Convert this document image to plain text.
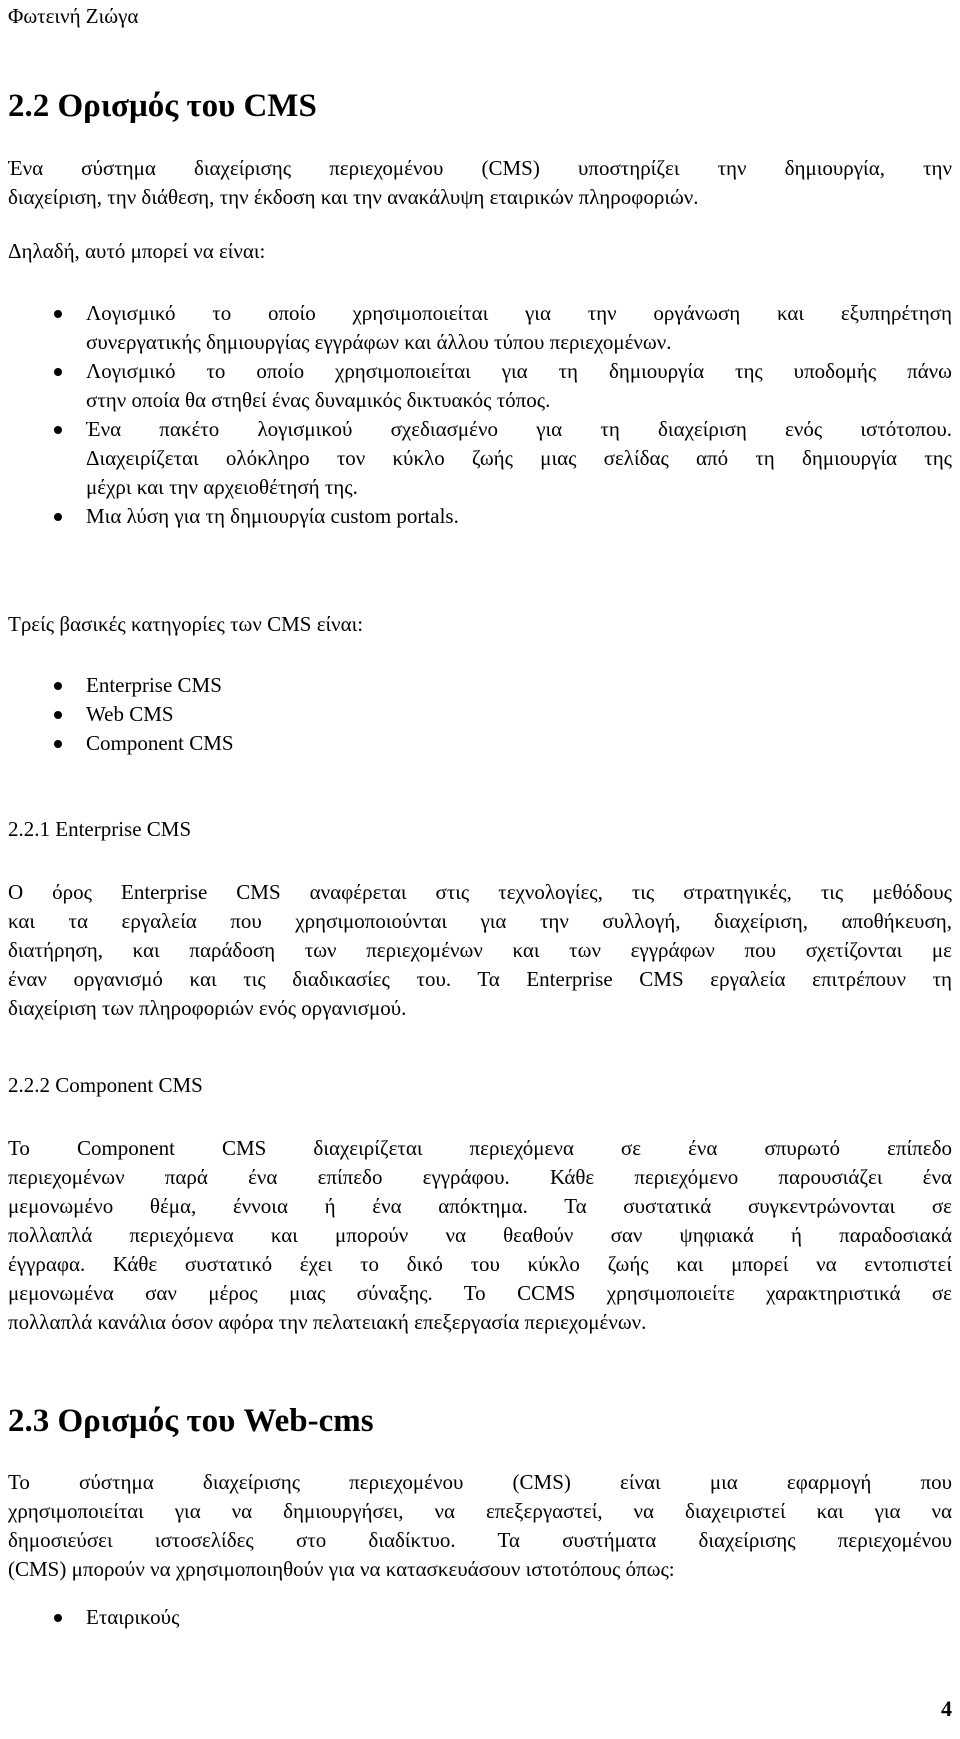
Φωτεινή Ζιώγα
2.2 Ορισμός του CMS
Ένα σύστημα διαχείρισης περιεχομένου (CMS) υποστηρίζει την δημιουργία, την
διαχείριση, την διάθεση, την έκδοση και την ανακάλυψη εταιρικών πληροφοριών.
Δηλαδή, αυτό μπορεί να είναι:
Λογισμικό το οποίο χρησιμοποιείται για την οργάνωση και εξυπηρέτηση
συνεργατικής δημιουργίας εγγράφων και άλλου τύπου περιεχομένων.
Λογισμικό το οποίο χρησιμοποιείται για τη δημιουργία της υποδομής πάνω
στην οποία θα στηθεί ένας δυναμικός δικτυακός τόπος.
Ένα πακέτο λογισμικού σχεδιασμένο για τη διαχείριση ενός ιστότοπου.
Διαχειρίζεται ολόκληρο τον κύκλο ζωής μιας σελίδας από τη δημιουργία της
μέχρι και την αρχειοθέτησή της.
Μια λύση για τη δημιουργία custom portals.
Τρείς βασικές κατηγορίες των CMS είναι:
Enterprise CMS
Web CMS
Component CMS
2.2.1 Enterprise CMS
Ο όρος Enterprise CMS αναφέρεται στις τεχνολογίες, τις στρατηγικές, τις μεθόδους
και τα εργαλεία που χρησιμοποιούνται για την συλλογή, διαχείριση, αποθήκευση,
διατήρηση, και παράδοση των περιεχομένων και των εγγράφων που σχετίζονται με
έναν οργανισμό και τις διαδικασίες του. Τα Enterprise CMS εργαλεία επιτρέπουν τη
διαχείριση των πληροφοριών ενός οργανισμού.
2.2.2 Component CMS
Το Component CMS διαχειρίζεται περιεχόμενα σε ένα σπυρωτό επίπεδο
περιεχομένων παρά ένα επίπεδο εγγράφου. Κάθε περιεχόμενο παρουσιάζει ένα
μεμονωμένο θέμα, έννοια ή ένα απόκτημα. Τα συστατικά συγκεντρώνονται σε
πολλαπλά περιεχόμενα και μπορούν να θεαθούν σαν ψηφιακά ή παραδοσιακά
έγγραφα. Κάθε συστατικό έχει το δικό του κύκλο ζωής και μπορεί να εντοπιστεί
μεμονωμένα σαν μέρος μιας σύναξης. Το CCMS χρησιμοποιείτε χαρακτηριστικά σε
πολλαπλά κανάλια όσον αφόρα την πελατειακή επεξεργασία περιεχομένων.
2.3 Ορισμός του Web-cms
Το σύστημα διαχείρισης περιεχομένου (CMS) είναι μια εφαρμογή που
χρησιμοποιείται για να δημιουργήσει, να επεξεργαστεί, να διαχειριστεί και για να
δημοσιεύσει ιστοσελίδες στο διαδίκτυο. Τα συστήματα διαχείρισης περιεχομένου
(CMS) μπορούν να χρησιμοποιηθούν για να κατασκευάσουν ιστοτόπους όπως:
Εταιρικούς
4
